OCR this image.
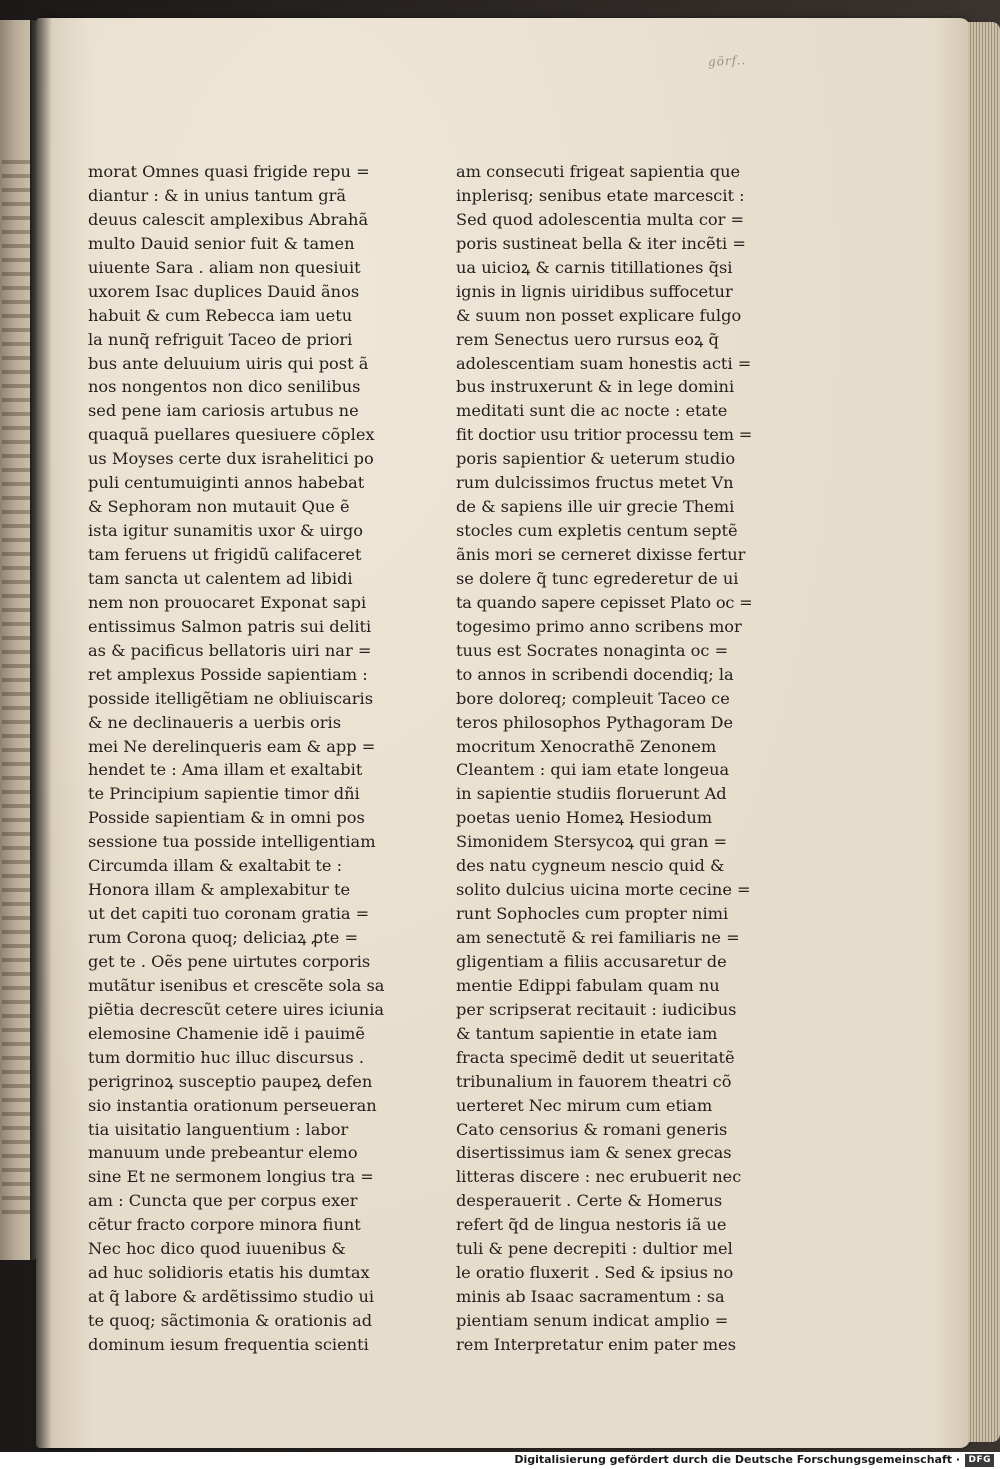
görf..
morat Omnes quasi frigide repu =
diantur : & in unius tantum grã
deuus calescit amplexibus Abrahã
multo Dauid senior fuit & tamen
uiuente Sara . aliam non quesiuit
uxorem Isac duplices Dauid ãnos
habuit & cum Rebecca iam uetu
la nunq̃ refriguit Taceo de priori
bus ante deluuium uiris qui post ã
nos nongentos non dico senilibus
sed pene iam cariosis artubus ne
quaquã puellares quesiuere cõplex
us Moyses certe dux israhelitici po
puli centumuiginti annos habebat
& Sephoram non mutauit Que ẽ
ista igitur sunamitis uxor & uirgo
tam feruens ut frigidũ califaceret
tam sancta ut calentem ad libidi
nem non prouocaret Exponat sapi
entissimus Salmon patris sui deliti
as & pacificus bellatoris uiri nar =
ret amplexus Posside sapientiam :
posside itelligẽtiam ne obliuiscaris
& ne declinaueris a uerbis oris
mei Ne derelinqueris eam & app =
hendet te : Ama illam et exaltabit
te Principium sapientie timor dñi
Posside sapientiam & in omni pos
sessione tua posside intelligentiam
Circumda illam & exaltabit te :
Honora illam & amplexabitur te
ut det capiti tuo coronam gratia =
rum Corona quoq; deliciaꝝ ꝓte =
get te . Oẽs pene uirtutes corporis
mutãtur isenibus et crescẽte sola sa
piẽtia decrescũt cetere uires iciunia
elemosine Chamenie idẽ i pauimẽ
tum dormitio huc illuc discursus .
perigrinoꝝ susceptio paupeꝝ defen
sio instantia orationum perseueran
tia uisitatio languentium : labor
manuum unde prebeantur elemo
sine Et ne sermonem longius tra =
am : Cuncta que per corpus exer
cẽtur fracto corpore minora fiunt
Nec hoc dico quod iuuenibus &
ad huc solidioris etatis his dumtax
at q̃ labore & ardẽtissimo studio ui
te quoq; sãctimonia & orationis ad
dominum iesum frequentia scienti
am consecuti frigeat sapientia que
inplerisq; senibus etate marcescit :
Sed quod adolescentia multa cor =
poris sustineat bella & iter incẽti =
ua uicioꝝ & carnis titillationes q̃si
ignis in lignis uiridibus suffocetur
& suum non posset explicare fulgo
rem Senectus uero rursus eoꝝ q̃
adolescentiam suam honestis acti =
bus instruxerunt & in lege domini
meditati sunt die ac nocte : etate
fit doctior usu tritior processu tem =
poris sapientior & ueterum studio
rum dulcissimos fructus metet Vn
de & sapiens ille uir grecie Themi
stocles cum expletis centum septẽ
ãnis mori se cerneret dixisse fertur
se dolere q̃ tunc egrederetur de ui
ta quando sapere cepisset Plato oc =
togesimo primo anno scribens mor
tuus est Socrates nonaginta oc =
to annos in scribendi docendiq; la
bore doloreq; compleuit Taceo ce
teros philosophos Pythagoram De
mocritum Xenocrathẽ Zenonem
Cleantem : qui iam etate longeua
in sapientie studiis floruerunt Ad
poetas uenio Homeꝝ Hesiodum
Simonidem Stersycoꝝ qui gran =
des natu cygneum nescio quid &
solito dulcius uicina morte cecine =
runt Sophocles cum propter nimi
am senectutẽ & rei familiaris ne =
gligentiam a filiis accusaretur de
mentie Edippi fabulam quam nu
per scripserat recitauit : iudicibus
& tantum sapientie in etate iam
fracta specimẽ dedit ut seueritatẽ
tribunalium in fauorem theatri cõ
uerteret Nec mirum cum etiam
Cato censorius & romani generis
disertissimus iam & senex grecas
litteras discere : nec erubuerit nec
desperauerit . Certe & Homerus
refert q̃d de lingua nestoris iã ue
tuli & pene decrepiti : dultior mel
le oratio fluxerit . Sed & ipsius no
minis ab Isaac sacramentum : sa
pientiam senum indicat amplio =
rem Interpretatur enim pater mes
Digitalisierung gefördert durch die Deutsche Forschungsgemeinschaft · DFG
